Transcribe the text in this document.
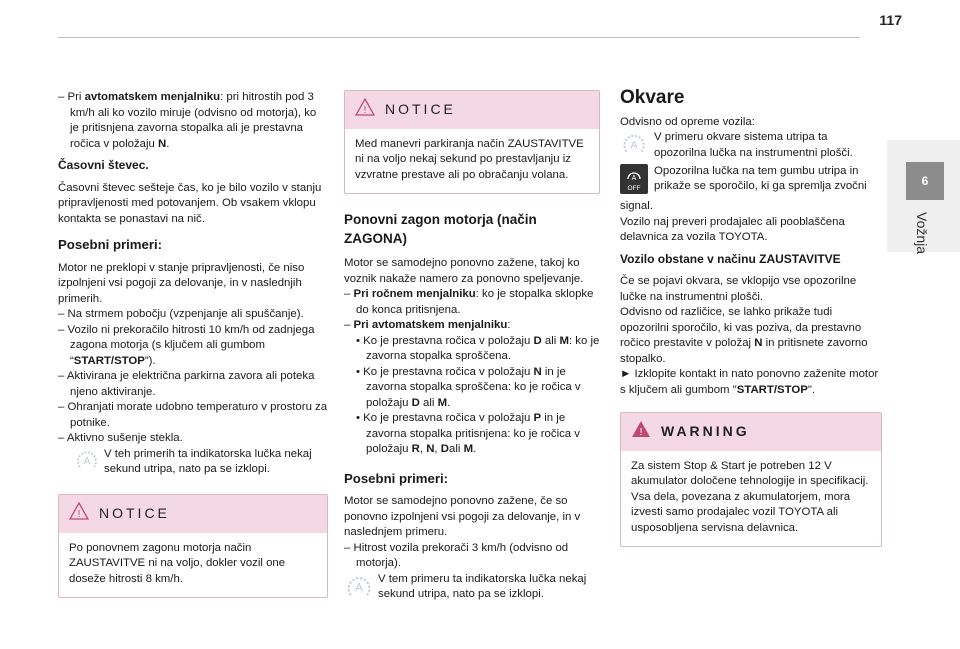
117
6
Vožnja

– Pri avtomatskem menjalniku: pri hitrostih pod 3 km/h ali ko vozilo miruje (odvisno od motorja), ko je pritisnjena zavorna stopalka ali je prestavna ročica v položaju N.

Časovni števec.

Časovni števec sešteje čas, ko je bilo vozilo v stanju pripravljenosti med potovanjem. Ob vsakem vklopu kontakta se ponastavi na nič.

Posebni primeri:

Motor ne preklopi v stanje pripravljenosti, če niso izpolnjeni vsi pogoji za delovanje, in v naslednjih primerih.

– Na strmem pobočju (vzpenjanje ali spuščanje).

– Vozilo ni prekoračilo hitrosti 10 km/h od zadnjega zagona motorja (s ključem ali gumbom

“START/STOP”).

– Aktivirana je električna parkirna zavora ali poteka njeno aktiviranje.

– Ohranjati morate udobno temperaturo v prostoru za potnike.

– Aktivno sušenje stekla.

A

V teh primerih ta indikatorska lučka nekaj sekund utripa, nato pa se izklopi.

! NOTICE
Po ponovnem zagonu motorja način ZAUSTAVITVE ni na voljo, dokler vozil one doseže hitrosti 8 km/h.
! NOTICE
Med manevri parkiranja način ZAUSTAVITVE ni na voljo nekaj sekund po prestavljanju iz vzvratne prestave ali po obračanju volana.
Ponovni zagon motorja (način ZAGONA)

Motor se samodejno ponovno zažene, takoj ko voznik nakaže namero za ponovno speljevanje.

– Pri ročnem menjalniku: ko je stopalka sklopke do konca pritisnjena.

– Pri avtomatskem menjalniku:

• Ko je prestavna ročica v položaju D ali M: ko je zavorna stopalka sproščena.

• Ko je prestavna ročica v položaju N in je zavorna stopalka sproščena: ko je ročica v položaju D ali M.

• Ko je prestavna ročica v položaju P in je zavorna stopalka pritisnjena: ko je ročica v položaju R, N, Dali M.

Posebni primeri:

Motor se samodejno ponovno zažene, če so ponovno izpolnjeni vsi pogoji za delovanje, in v naslednjem primeru.

– Hitrost vozila prekorači 3 km/h (odvisno od motorja).

A

V tem primeru ta indikatorska lučka nekaj sekund utripa, nato pa se izklopi.

Okvare

Odvisno od opreme vozila:

A

V primeru okvare sistema utripa ta opozorilna lučka na instrumentni plošči.

A
OFF

Opozorilna lučka na tem gumbu utripa in prikaže se sporočilo, ki ga spremlja zvočni

signal.

Vozilo naj preveri prodajalec ali pooblaščena delavnica za vozila TOYOTA.

Vozilo obstane v načinu ZAUSTAVITVE

Če se pojavi okvara, se vklopijo vse opozorilne lučke na instrumentni plošči.

Odvisno od različice, se lahko prikaže tudi opozorilni sporočilo, ki vas poziva, da prestavno ročico prestavite v položaj N in pritisnete zavorno stopalko.

► Izklopite kontakt in nato ponovno zaženite motor s ključem ali gumbom "START/STOP".

! WARNING

Za sistem Stop & Start je potreben 12 V akumulator določene tehnologije in specifikacij.

Vsa dela, povezana z akumulatorjem, mora izvesti samo prodajalec vozil TOYOTA ali usposobljena servisna delavnica.
